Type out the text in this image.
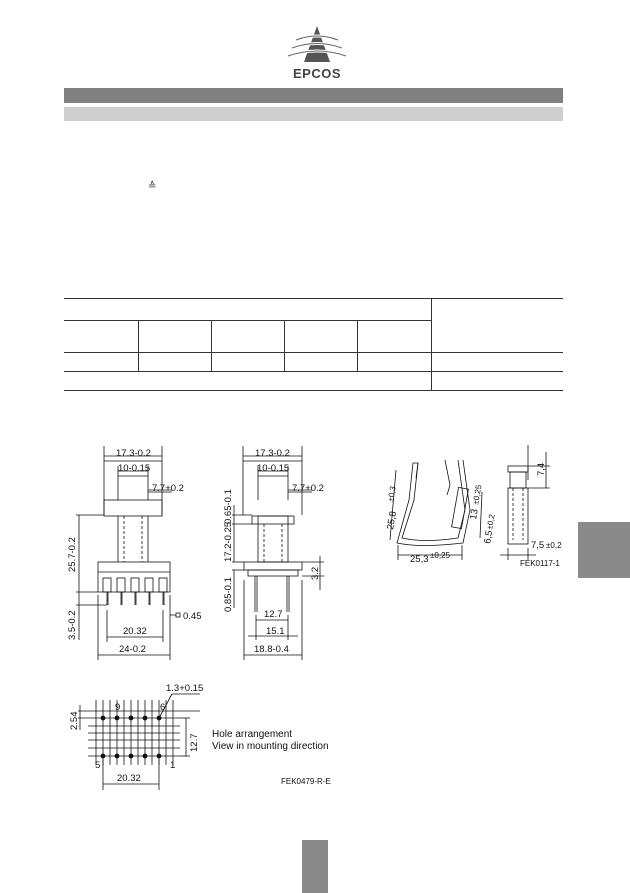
EPCOS
≙
17.3-0.2
10-0.15
7.7+0.2
25.7-0.2
3.5-0.2	0.45
20.32
24-0.2
17.3-0.2
10-0.15
7.7+0.2
0.65-0.1
17.2-0.25
0.85-0.1
3.2
12.7
15.1
18.8-0.4
1.3+0.15
2.54
12.7
20.32
9	6
5	1
Hole arrangement
View in mounting direction
FEK0479-R-E
25,8
±0,3
13
±0,25
6,5
±0,2
25,3 ±0,25
7,4
7,5 ±0,2
FEK0117-1
